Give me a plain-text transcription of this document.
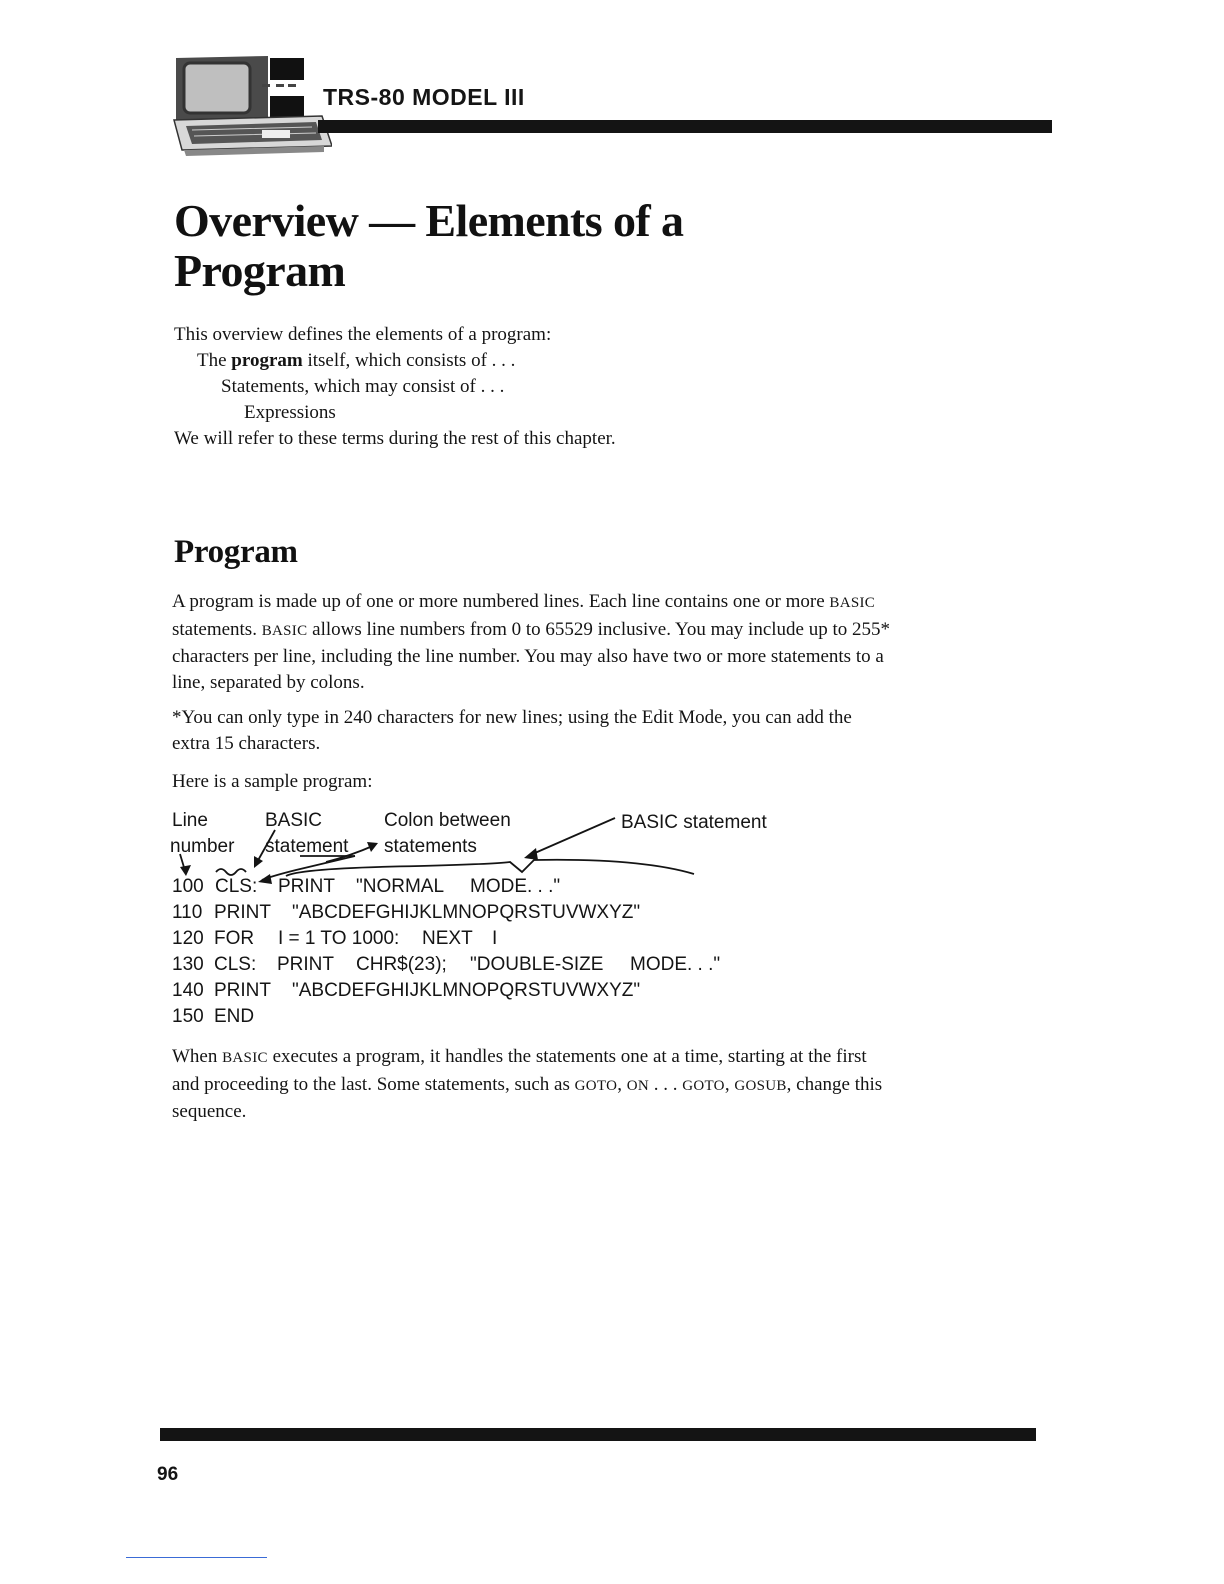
TRS-80 MODEL III
Overview — Elements of a Program

This overview defines the elements of a program:

The program itself, which consists of . . .

Statements, which may consist of . . .

Expressions

We will refer to these terms during the rest of this chapter.

Program

A program is made up of one or more numbered lines. Each line contains one or more BASIC statements. BASIC allows line numbers from 0 to 65529 inclusive. You may include up to 255* characters per line, including the line number. You may also have two or more statements to a line, separated by colons.

*You can only type in 240 characters for new lines; using the Edit Mode, you can add the extra 15 characters.

Here is a sample program:

Line
number
BASIC
statement
Colon between
statements
BASIC statement

100

CLS:

PRINT

"NORMAL

MODE. . ."

110

PRINT

"ABCDEFGHIJKLMNOPQRSTUVWXYZ"

120

FOR

I = 1 TO 1000:

NEXT

I

130

CLS:

PRINT

CHR$(23);

"DOUBLE-SIZE

MODE. . ."

140

PRINT

"ABCDEFGHIJKLMNOPQRSTUVWXYZ"

150

END

When BASIC executes a program, it handles the statements one at a time, starting at the first and proceeding to the last. Some statements, such as GOTO, ON . . . GOTO, GOSUB, change this sequence.

96
